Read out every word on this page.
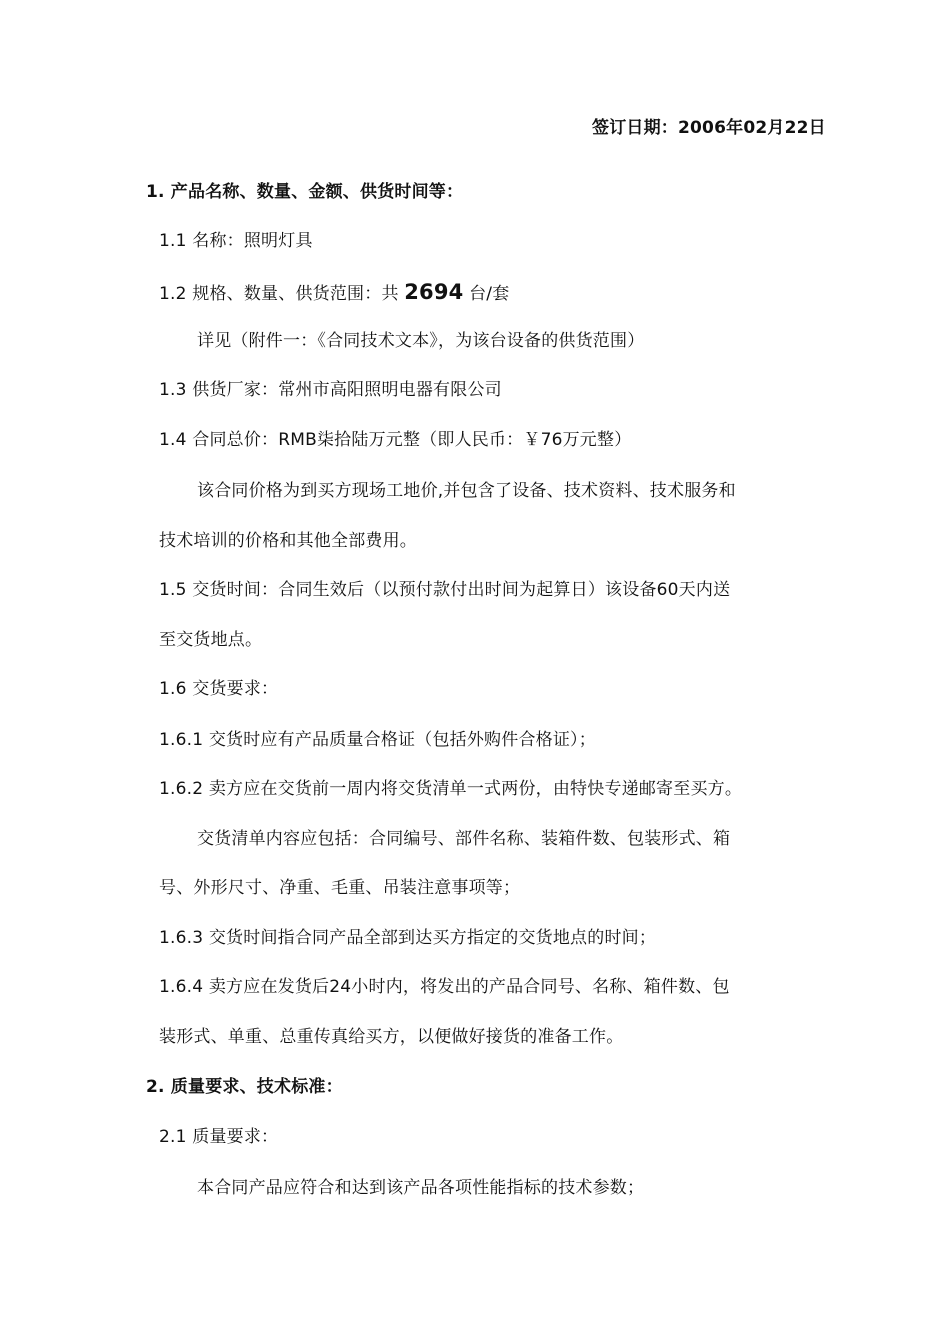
签订日期：2006年02月22日
1. 产品名称、数量、金额、供货时间等：
1.1 名称：照明灯具
1.2 规格、数量、供货范围：共 2694 台/套
详见（附件一：《合同技术文本》，为该台设备的供货范围）
1.3 供货厂家：常州市高阳照明电器有限公司
1.4 合同总价：RMB柒拾陆万元整（即人民币：￥76万元整）
该合同价格为到买方现场工地价,并包含了设备、技术资料、技术服务和
技术培训的价格和其他全部费用。
1.5 交货时间：合同生效后（以预付款付出时间为起算日）该设备60天内送
至交货地点。
1.6 交货要求：
1.6.1 交货时应有产品质量合格证（包括外购件合格证）；
1.6.2 卖方应在交货前一周内将交货清单一式两份，由特快专递邮寄至买方。
交货清单内容应包括：合同编号、部件名称、装箱件数、包装形式、箱
号、外形尺寸、净重、毛重、吊装注意事项等；
1.6.3 交货时间指合同产品全部到达买方指定的交货地点的时间；
1.6.4 卖方应在发货后24小时内，将发出的产品合同号、名称、箱件数、包
装形式、单重、总重传真给买方，以便做好接货的准备工作。
2. 质量要求、技术标准：
2.1 质量要求：
本合同产品应符合和达到该产品各项性能指标的技术参数；
